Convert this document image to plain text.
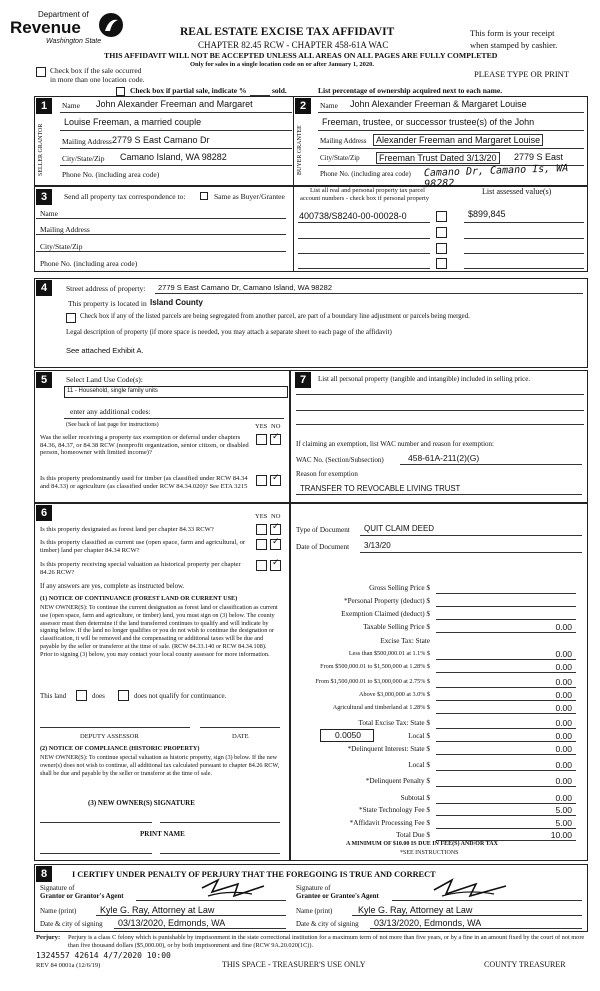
Department of
Revenue
Washington State
REAL ESTATE EXCISE TAX AFFIDAVIT
CHAPTER 82.45 RCW - CHAPTER 458-61A WAC
THIS AFFIDAVIT WILL NOT BE ACCEPTED UNLESS ALL AREAS ON ALL PAGES ARE FULLY COMPLETED
Only for sales in a single location code on or after January 1, 2020.
This form is your receipt
when stamped by cashier.
PLEASE TYPE OR PRINT
Check box if the sale occurred
in more than one location code.
Check box if partial sale, indicate %	sold.	List percentage of ownership acquired next to each name.
1
SELLER GRANTOR
Name John Alexander Freeman and Margaret
Louise Freeman, a married couple
Mailing Address 2779 S East Camano Dr
City/State/Zip Camano Island, WA 98282
Phone No. (including area code)
2
BUYER GRANTEE
Name John Alexander Freeman & Margaret Louise
Freeman, trustee, or successor trustee(s) of the John
Mailing Address	Alexander Freeman and Margaret Louise
City/State/Zip	Freeman Trust Dated 3/13/20	2779 S East
Phone No. (including area code) Camano Dr, Camano Is, WA 98282
3	Send all property tax correspondence to:	Same as Buyer/Grantee
Name
Mailing Address
City/State/Zip
Phone No. (including area code)
List all real and personal property tax parcel
account numbers - check box if personal property
List assessed value(s)
400738/S8240-00-00028-0	$899,845
4	Street address of property: 2779 S East Camano Dr, Camano Island, WA 98282
This property is located in Island County
Check box if any of the listed parcels are being segregated from another parcel, are part of a boundary line adjustment or parcels being merged.
Legal description of property (if more space is needed, you may attach a separate sheet to each page of the affidavit)
See attached Exhibit A.
5	Select Land Use Code(s):
11 - Household, single family units
enter any additional codes:
(See back of last page for instructions)	YES NO
Was the seller receiving a property tax exemption or deferral under chapters 84.36, 84.37, or 84.38 RCW (nonprofit organization, senior citizen, or disabled person, homeowner with limited income)?
✓
Is this property predominantly used for timber (as classified under RCW 84.34 and 84.33) or agriculture (as classified under RCW 84.34.020)? See ETA 3215
✓
7	List all personal property (tangible and intangible) included in selling price.
If claiming an exemption, list WAC number and reason for exemption:
WAC No. (Section/Subsection)	458-61A-211(2)(G)
Reason for exemption
TRANSFER TO REVOCABLE LIVING TRUST
6	YES NO
Is this property designated as forest land per chapter 84.33 RCW?
✓
Is this property classified as current use (open space, farm and agricultural, or timber) land per chapter 84.34 RCW?
✓
Is this property receiving special valuation as historical property per chapter 84.26 RCW?
✓
If any answers are yes, complete as instructed below.
(1) NOTICE OF CONTINUANCE (FOREST LAND OR CURRENT USE)
NEW OWNER(S): To continue the current designation as forest land or classification as current use (open space, farm and agriculture, or timber) land, you must sign on (3) below. The county assessor must then determine if the land transferred continues to qualify and will indicate by signing below. If the land no longer qualifies or you do not wish to continue the designation or classification, it will be removed and the compensating or additional taxes will be due and payable by the seller or transferor at the time of sale. (RCW 84.33.140 or RCW 84.34.108). Prior to signing (3) below, you may contact your local county assessor for more information.
This land	does	does not qualify for continuance.
DEPUTY ASSESSOR	DATE
(2) NOTICE OF COMPLIANCE (HISTORIC PROPERTY)
NEW OWNER(S): To continue special valuation as historic property, sign (3) below. If the new owner(s) does not wish to continue, all additional tax calculated pursuant to chapter 84.26 RCW, shall be due and payable by the seller or transferor at the time of sale.
(3) NEW OWNER(S) SIGNATURE
PRINT NAME
Type of Document QUIT CLAIM DEED
Date of Document 3/13/20
Gross Selling Price $
*Personal Property (deduct) $
Exemption Claimed (deduct) $
Taxable Selling Price $	0.00
Excise Tax: State
Less than $500,000.01 at 1.1% $	0.00
From $500,000.01 to $1,500,000 at 1.28% $	0.00
From $1,500,000.01 to $3,000,000 at 2.75% $	0.00
Above $3,000,000 at 3.0% $	0.00
Agricultural and timberland at 1.28% $	0.00
Total Excise Tax: State $	0.00
Local $	0.00
*Delinquent Interest: State $	0.00
Local $	0.00
*Delinquent Penalty $	0.00
Subtotal $	0.00
*State Technology Fee $	5.00
*Affidavit Processing Fee $	5.00
Total Due $	10.00
0.0050
A MINIMUM OF $10.00 IS DUE IN FEE(S) AND/OR TAX
*SEE INSTRUCTIONS
8	I CERTIFY UNDER PENALTY OF PERJURY THAT THE FOREGOING IS TRUE AND CORRECT
Signature of
Grantor or Grantor's Agent
Signature of
Grantee or Grantee's Agent
Name (print)	Kyle G. Ray, Attorney at Law	Name (print)	Kyle G. Ray, Attorney at Law
Date & city of signing 03/13/2020, Edmonds, WA	Date & city of signing 03/13/2020, Edmonds, WA
Perjury: Perjury is a class C felony which is punishable by imprisonment in the state correctional institution for a maximum term of not more than five years, or by a fine in an amount fixed by the court of not more than five thousand dollars ($5,000.00), or by both imprisonment and fine (RCW 9A.20.020(1C)).
1324557 42614 4/7/2020 10:00
REV 84 0001a (12/6/19)	THIS SPACE - TREASURER'S USE ONLY	COUNTY TREASURER
